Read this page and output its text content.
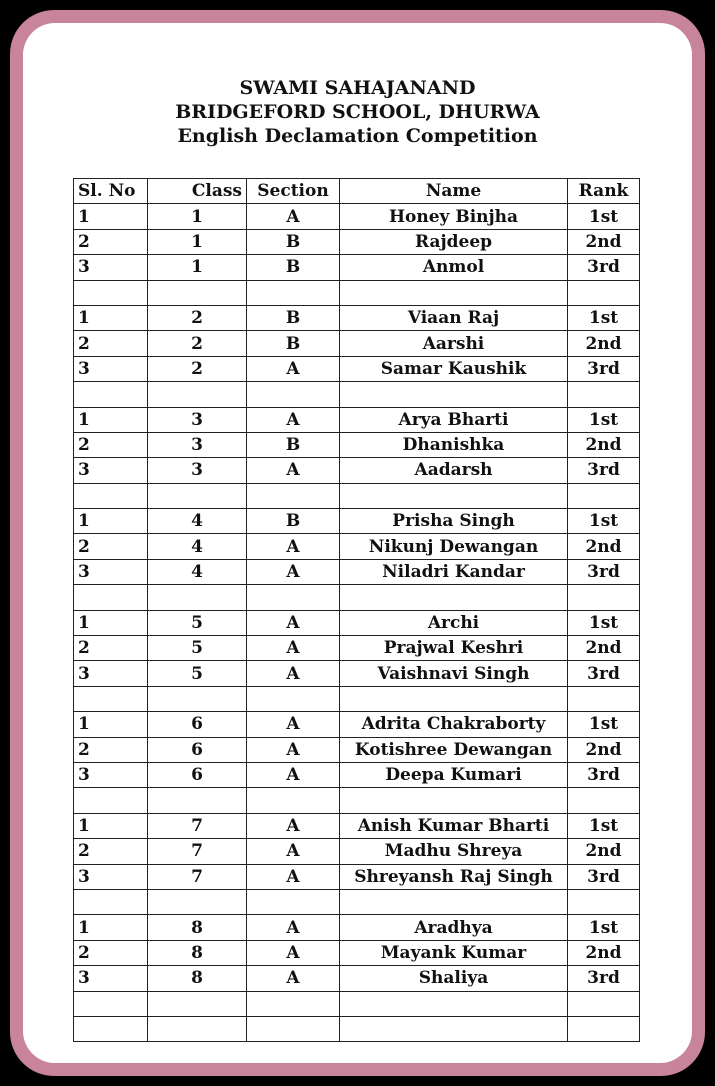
SWAMI SAHAJANAND
BRIDGEFORD SCHOOL, DHURWA
English Declamation Competition
Sl. No	Class	Section	Name	Rank
1	1	A	Honey Binjha	1st
2	1	B	Rajdeep	2nd
3	1	B	Anmol	3rd

1	2	B	Viaan Raj	1st
2	2	B	Aarshi	2nd
3	2	A	Samar Kaushik	3rd

1	3	A	Arya Bharti	1st
2	3	B	Dhanishka	2nd
3	3	A	Aadarsh	3rd

1	4	B	Prisha Singh	1st
2	4	A	Nikunj Dewangan	2nd
3	4	A	Niladri Kandar	3rd

1	5	A	Archi	1st
2	5	A	Prajwal Keshri	2nd
3	5	A	Vaishnavi Singh	3rd

1	6	A	Adrita Chakraborty	1st
2	6	A	Kotishree Dewangan	2nd
3	6	A	Deepa Kumari	3rd

1	7	A	Anish Kumar Bharti	1st
2	7	A	Madhu Shreya	2nd
3	7	A	Shreyansh Raj Singh	3rd

1	8	A	Aradhya	1st
2	8	A	Mayank Kumar	2nd
3	8	A	Shaliya	3rd
